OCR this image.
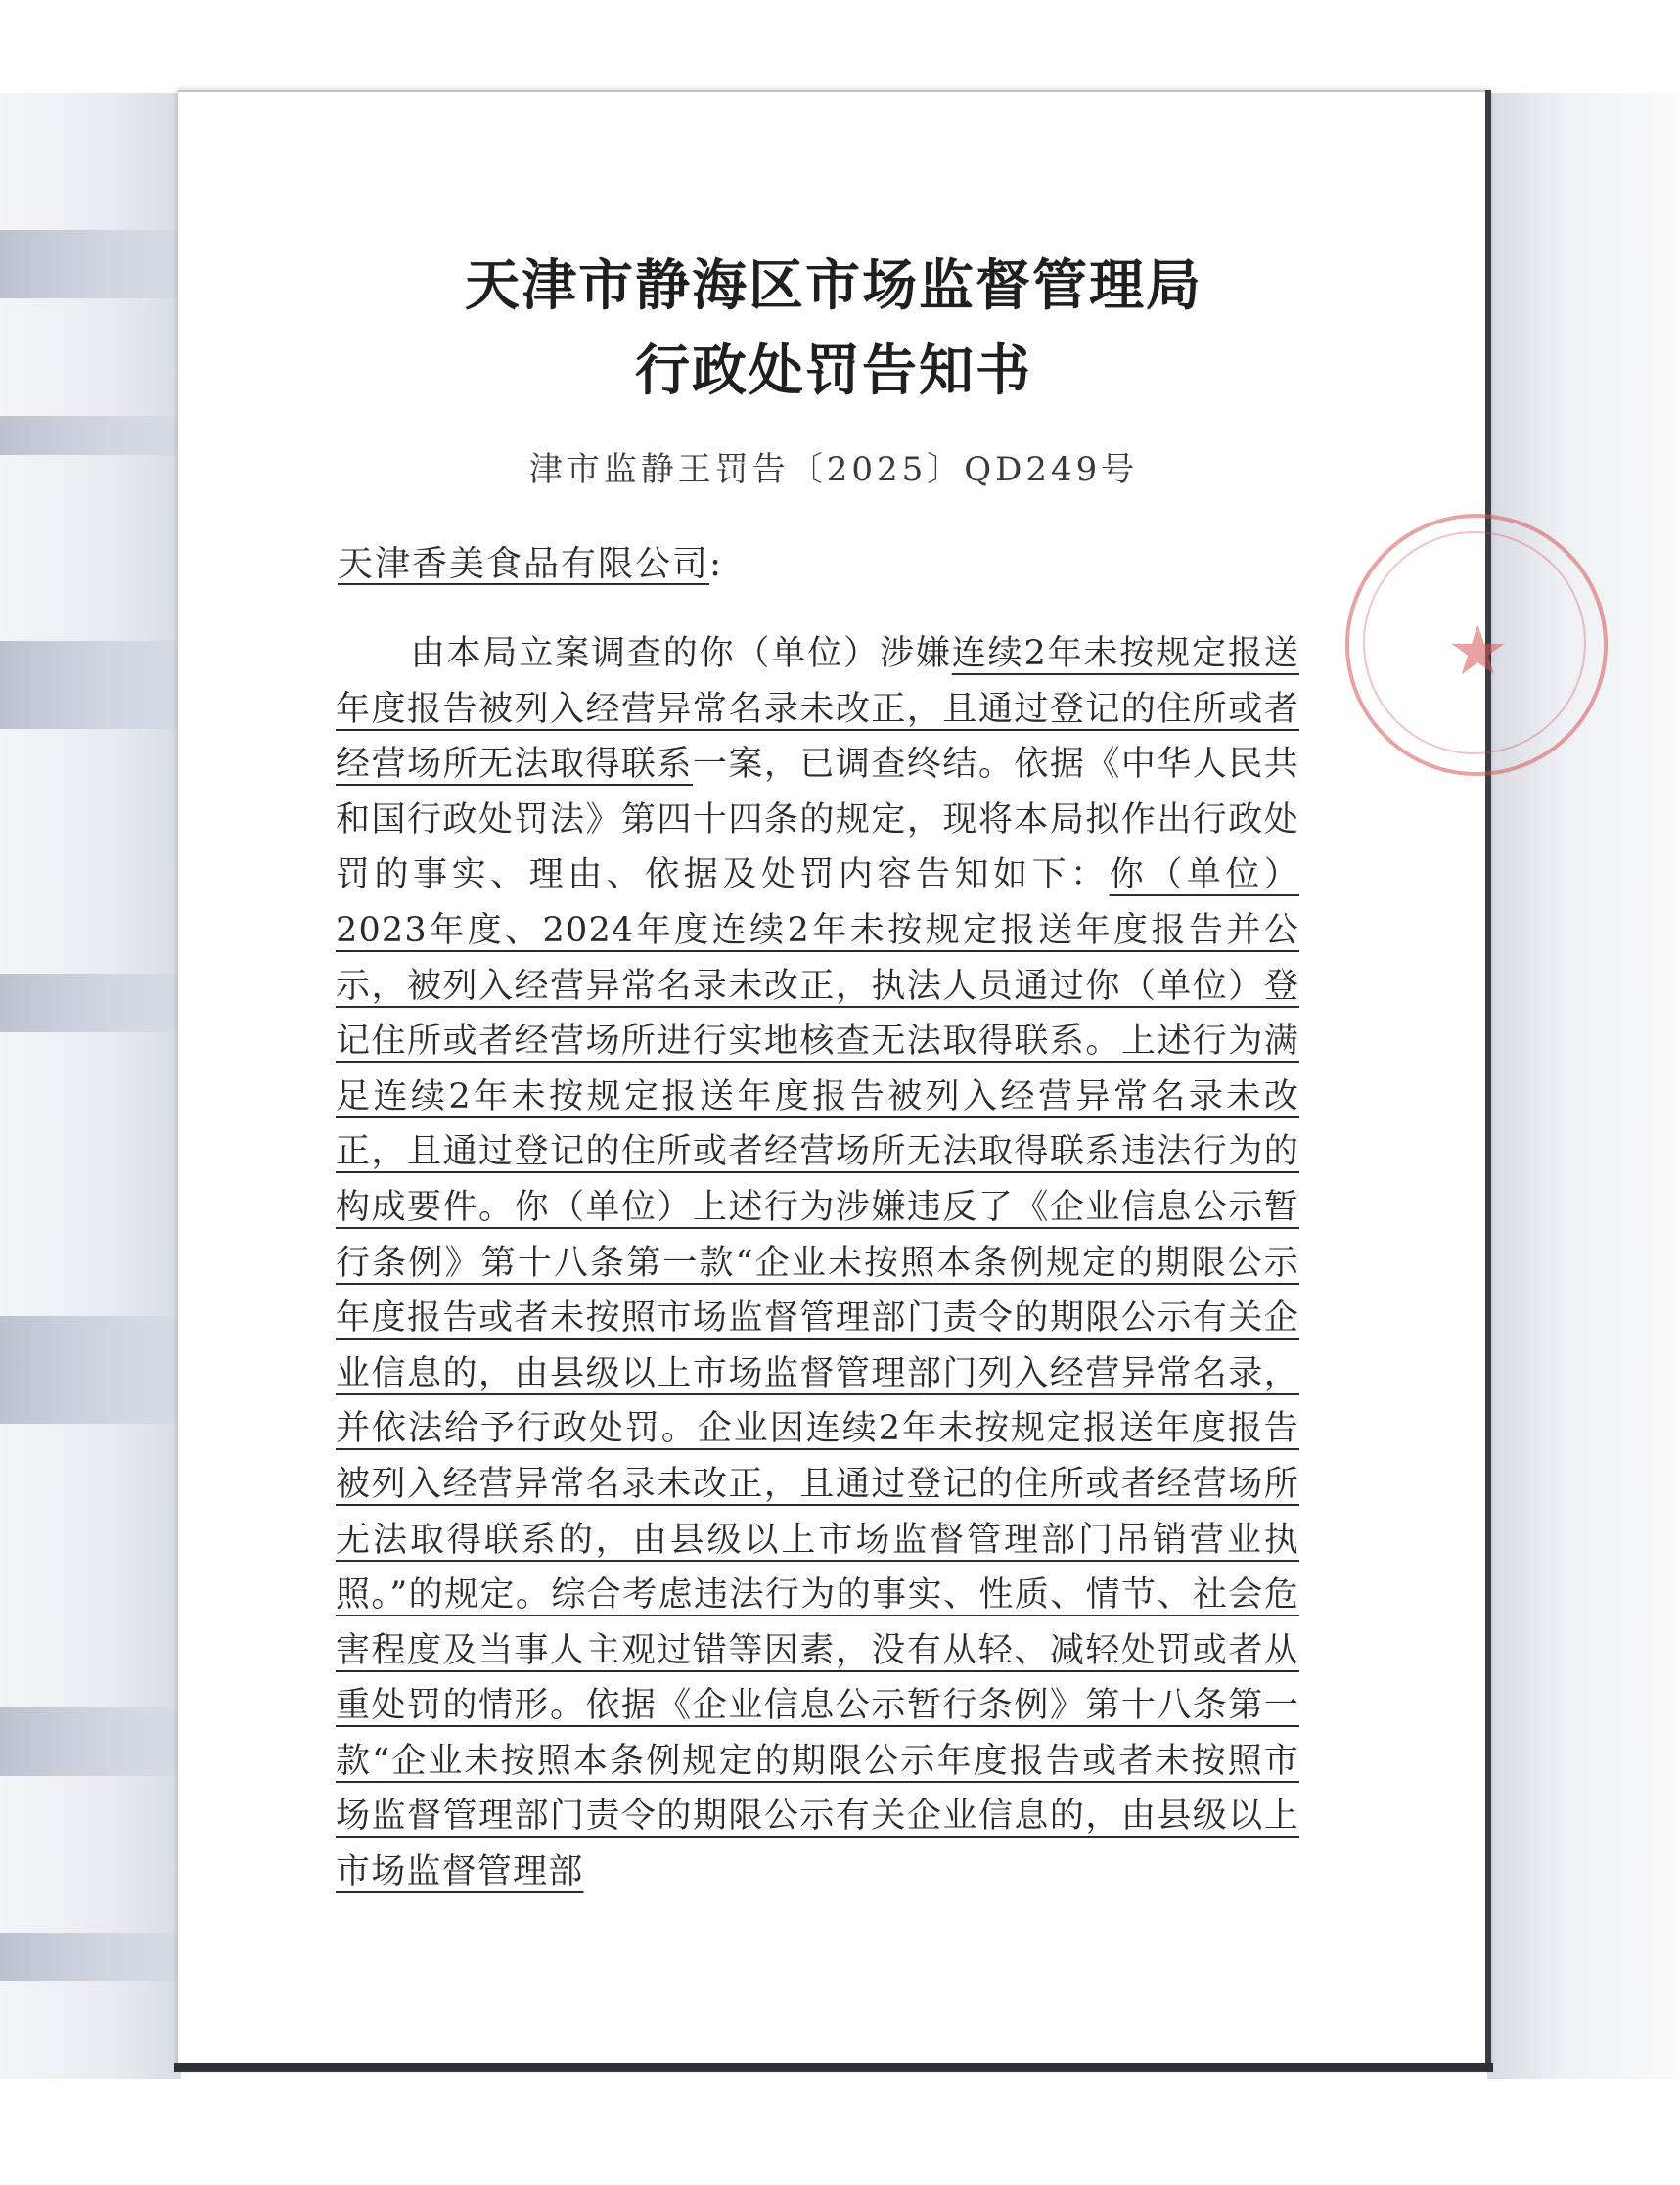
★
天津市静海区市场监督管理局
行政处罚告知书
津市监静王罚告〔2025〕QD249号
天津香美食品有限公司:
由本局立案调查的你（单位）涉嫌连续2年未按规定报送年度报告被列入经营异常名录未改正，且通过登记的住所或者经营场所无法取得联系一案，已调查终结。依据《中华人民共和国行政处罚法》第四十四条的规定，现将本局拟作出行政处罚的事实、理由、依据及处罚内容告知如下：你（单位）2023年度、2024年度连续2年未按规定报送年度报告并公示，被列入经营异常名录未改正，执法人员通过你（单位）登记住所或者经营场所进行实地核查无法取得联系。上述行为满足连续2年未按规定报送年度报告被列入经营异常名录未改正，且通过登记的住所或者经营场所无法取得联系违法行为的构成要件。你（单位）上述行为涉嫌违反了《企业信息公示暂行条例》第十八条第一款“企业未按照本条例规定的期限公示年度报告或者未按照市场监督管理部门责令的期限公示有关企业信息的，由县级以上市场监督管理部门列入经营异常名录，并依法给予行政处罚。企业因连续2年未按规定报送年度报告被列入经营异常名录未改正，且通过登记的住所或者经营场所无法取得联系的，由县级以上市场监督管理部门吊销营业执照。”的规定。综合考虑违法行为的事实、性质、情节、社会危害程度及当事人主观过错等因素，没有从轻、减轻处罚或者从重处罚的情形。依据《企业信息公示暂行条例》第十八条第一款“企业未按照本条例规定的期限公示年度报告或者未按照市场监督管理部门责令的期限公示有关企业信息的，由县级以上市场监督管理部
